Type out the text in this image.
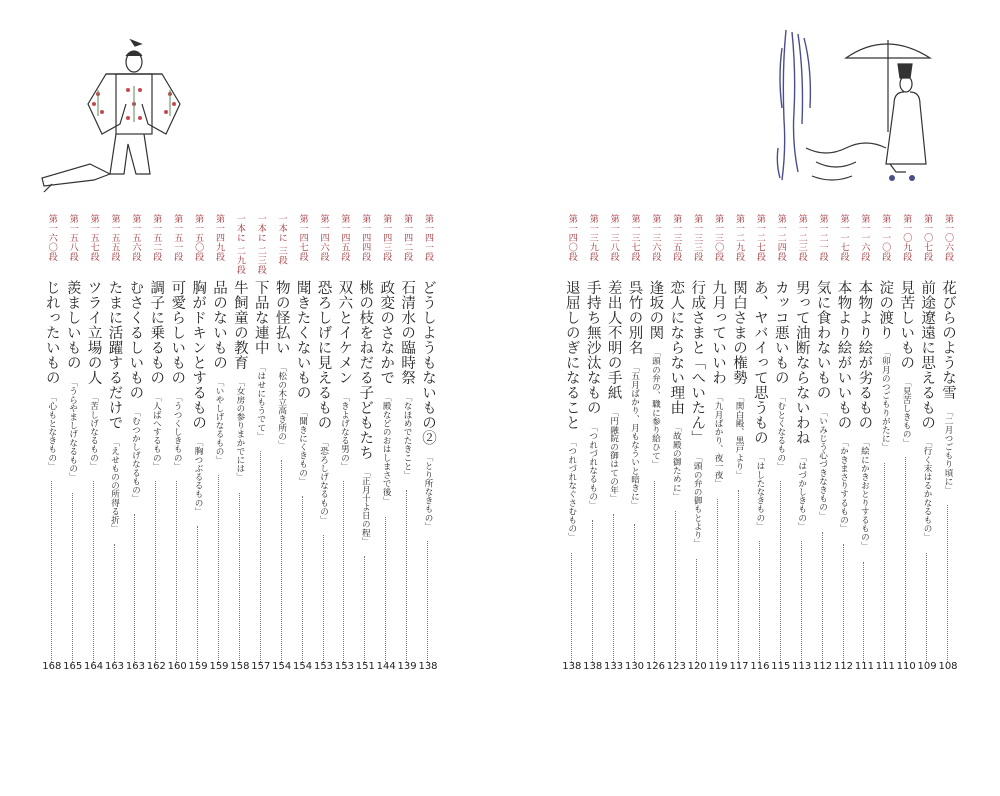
第一四一段
どうしようもないもの②
「とり所なきもの」
138
第一四二段
石清水の臨時祭
「なほめでたきこと」
139
第一四三段
政変のさなかで
「殿などのおはしまさで後」
144
第一四四段
桃の枝をねだる子どもたち
「正月十よ日の程」
151
第一四五段
双六とイケメン
「きよげなる男の」
153
第一四六段
恐ろしげに見えるもの
「恐ろしげなるもの」
153
第一四七段
聞きたくないもの
「聞きにくきもの」
154
一本に 三段
物の怪払い
「松の木立高き所の」
154
一本に 二三段
下品な連中
「はせにもうでて」
157
一本に 二九段
牛飼童の教育
「女房の参りまかでには」
158
第一四九段
品のないもの
「いやしげなるもの」
159
第一五〇段
胸がドキンとするもの
「胸つぶるるもの」
159
第一五一段
可愛らしいもの
「うつくしきもの」
160
第一五二段
調子に乗るもの
「人ばへするもの」
162
第一五六段
むさくるしいもの
「むつかしげなるもの」
163
第一五五段
たまに活躍するだけで
「えせものの所得る折」
163
第一五七段
ツライ立場の人
「苦しげなるもの」
164
第一五八段
羨ましいもの
「うらやましげなるもの」
165
第一六〇段
じれったいもの
「心もとなきもの」
168
第一〇六段
花びらのような雪
「二月つごもり頃に」
108
第一〇七段
前途遼遠に思えるもの
「行く末はるかなるもの」
109
第一〇九段
見苦しいもの
「見苦しきもの」
110
第一一〇段
淀の渡り
「卯月のつごもりがたに」
111
第一一六段
本物より絵が劣るもの
「絵にかきおとりするもの」
111
第一一七段
本物より絵がいいもの
「かきまさりするもの」
112
第一二一段
気に食わないもの
「いみじう心づきなきもの」
112
第一二三段
男って油断ならないわね
「はづかしきもの」
113
第一二四段
カッコ悪いもの
「むとくなるもの」
115
第一二七段
あ、ヤバイって思うもの
「はしたなきもの」
116
第一二九段
関白さまの権勢
「関白殿、黒戸より」
117
第一三〇段
九月っていいわ
「九月ばかり、夜一夜」
119
第一三三段
行成さまと「へいたん」
「頭の弁の御もとより」
120
第一三五段
恋人にならない理由
「故殿の御ために」
123
第一三六段
逢坂の関
「頭の弁の、職に参り給ひて」
126
第一三七段
呉竹の別名
「五月ばかり、月もなういと暗きに」
130
第一三八段
差出人不明の手紙
「円融院の御はての年」
133
第一三九段
手持ち無沙汰なもの
「つれづれなるもの」
138
第一四〇段
退屈しのぎになること
「つれづれなぐさむもの」
138
